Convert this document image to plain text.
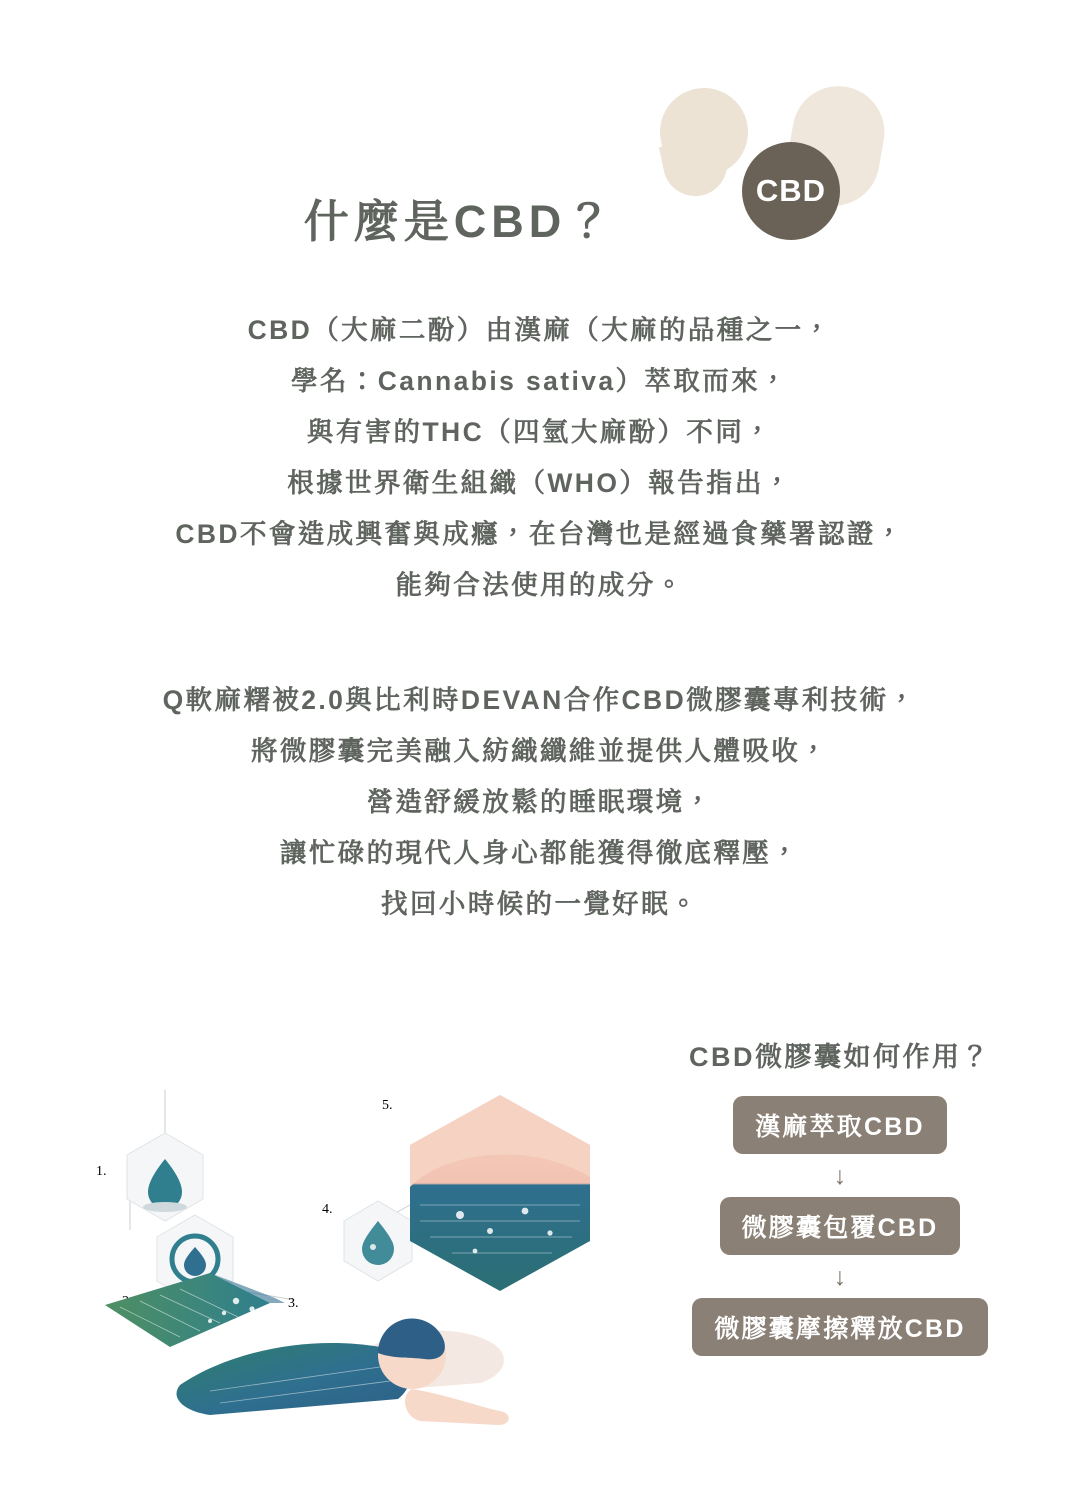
CBD
什麼是CBD？
CBD（大麻二酚）由漢麻（大麻的品種之一，
學名：Cannabis sativa）萃取而來，
與有害的THC（四氫大麻酚）不同，
根據世界衛生組織（WHO）報告指出，
CBD不會造成興奮與成癮，在台灣也是經過食藥署認證，
能夠合法使用的成分。
Q軟麻糬被2.0與比利時DEVAN合作CBD微膠囊專利技術，
將微膠囊完美融入紡織纖維並提供人體吸收，
營造舒緩放鬆的睡眠環境，
讓忙碌的現代人身心都能獲得徹底釋壓，
找回小時候的一覺好眠。
1.
3.
4.
5.
CBD微膠囊如何作用？
漢麻萃取CBD
↓
微膠囊包覆CBD
↓
微膠囊摩擦釋放CBD
